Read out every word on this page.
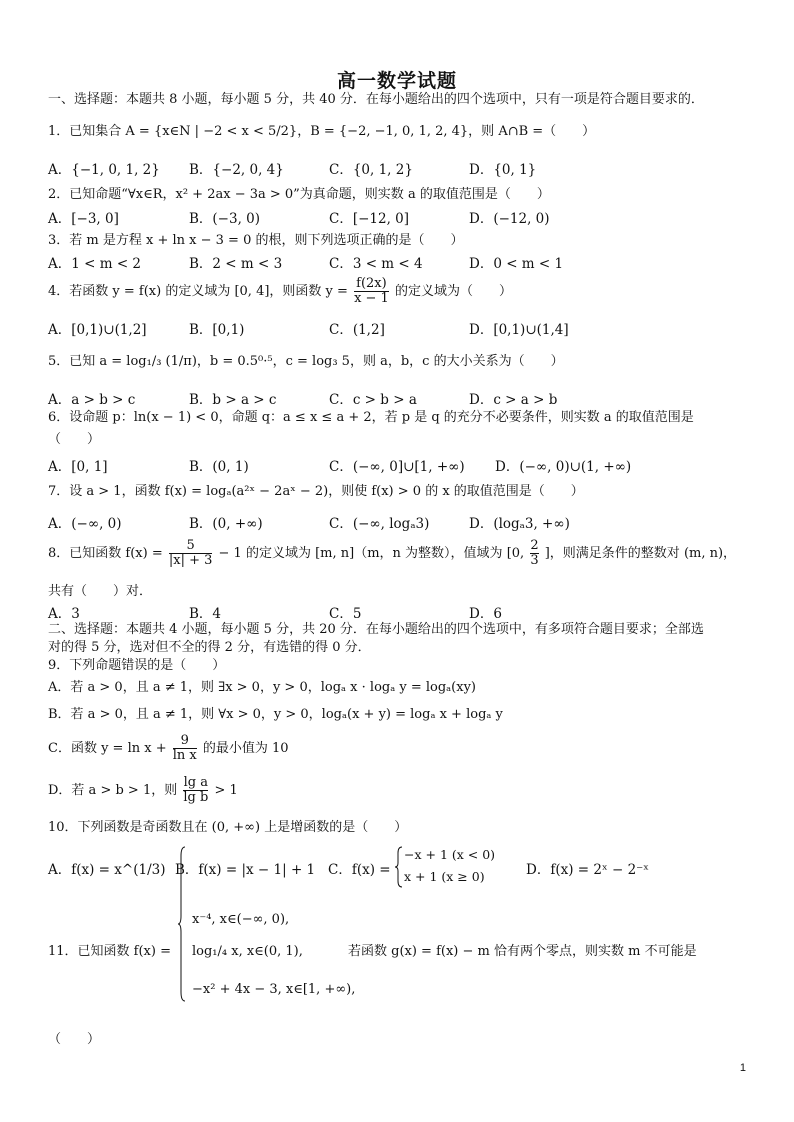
高一数学试题
一、选择题：本题共 8 小题，每小题 5 分，共 40 分．在每小题给出的四个选项中，只有一项是符合题目要求的．
1．已知集合 A = {x∈N | −2 < x < 5/2}，B = {−2, −1, 0, 1, 2, 4}，则 A∩B =（　　）
A．{−1, 0, 1, 2} B．{−2, 0, 4}	C．{0, 1, 2}	D．{0, 1}
2．已知命题“∀x∈R，x² + 2ax − 3a > 0”为真命题，则实数 a 的取值范围是（　　）
A．[−3, 0]	B．(−3, 0)	C．[−12, 0]	D．(−12, 0)
3．若 m 是方程 x + ln x − 3 = 0 的根，则下列选项正确的是（　　）
A．1 < m < 2	B．2 < m < 3	C．3 < m < 4	D．0 < m < 1
4．若函数 y = f(x) 的定义域为 [0, 4]，则函数 $y = \frac{f(2x)}{x - 1}$ 的定义域为（　　）
A．[0,1)∪(1,2]	B．[0,1)	C．(1,2]	D．[0,1)∪(1,4]
5．已知 a = log₁/₃ (1/π)，b = 0.5⁰·⁵，c = log₃ 5，则 a，b，c 的大小关系为（　　）
A．a > b > c	B．b > a > c	C．c > b > a	D．c > a > b
6．设命题 p：ln(x − 1) < 0，命题 q：a ≤ x ≤ a + 2，若 p 是 q 的充分不必要条件，则实数 a 的取值范围是
（　　）
A．[0, 1]	B．(0, 1)	C．(−∞, 0]∪[1, +∞) D．(−∞, 0)∪(1, +∞)
7．设 a > 1，函数 f(x) = logₐ(a²ˣ − 2aˣ − 2)，则使 f(x) > 0 的 x 的取值范围是（　　）
A．(−∞, 0)	B．(0, +∞)	C．(−∞, logₐ3)	D．(logₐ3, +∞)
8．已知函数 $f(x) = \frac{5}{|x| + 3} - 1$ 的定义域为 [m, n]（m，n 为整数），值域为 [0, $\frac{2}{3}$ ]，则满足条件的整数对 (m, n)，
共有（　　）对．
A．3	B．4	C．5	D．6
二、选择题：本题共 4 小题，每小题 5 分，共 20 分．在每小题给出的四个选项中，有多项符合题目要求；全部选
对的得 5 分，选对但不全的得 2 分，有选错的得 0 分．
9．下列命题错误的是（　　）
A．若 a > 0，且 a ≠ 1，则 ∃x > 0，y > 0，logₐ x · logₐ y = logₐ(xy)
B．若 a > 0，且 a ≠ 1，则 ∀x > 0，y > 0，logₐ(x + y) = logₐ x + logₐ y
C．函数 $y = \ln x + \frac{9}{\text{ln x}}$ 的最小值为 10
D．若 a > b > 1，则 $\frac{\text{lg a}}{\text{lg b}} > 1$
10．下列函数是奇函数且在 (0, +∞) 上是增函数的是（　　）
A．f(x) = x^(1/3) B．f(x) = |x − 1| + 1 C．f(x) =
−x + 1 (x < 0)
x + 1 (x ≥ 0)	D．f(x) = 2ˣ − 2⁻ˣ
x⁻⁴, x∈(−∞, 0),
log₁/₄ x, x∈(0, 1),
−x² + 4x − 3, x∈[1, +∞),
11．已知函数 f(x) =	若函数 g(x) = f(x) − m 恰有两个零点，则实数 m 不可能是
（　　）
1
